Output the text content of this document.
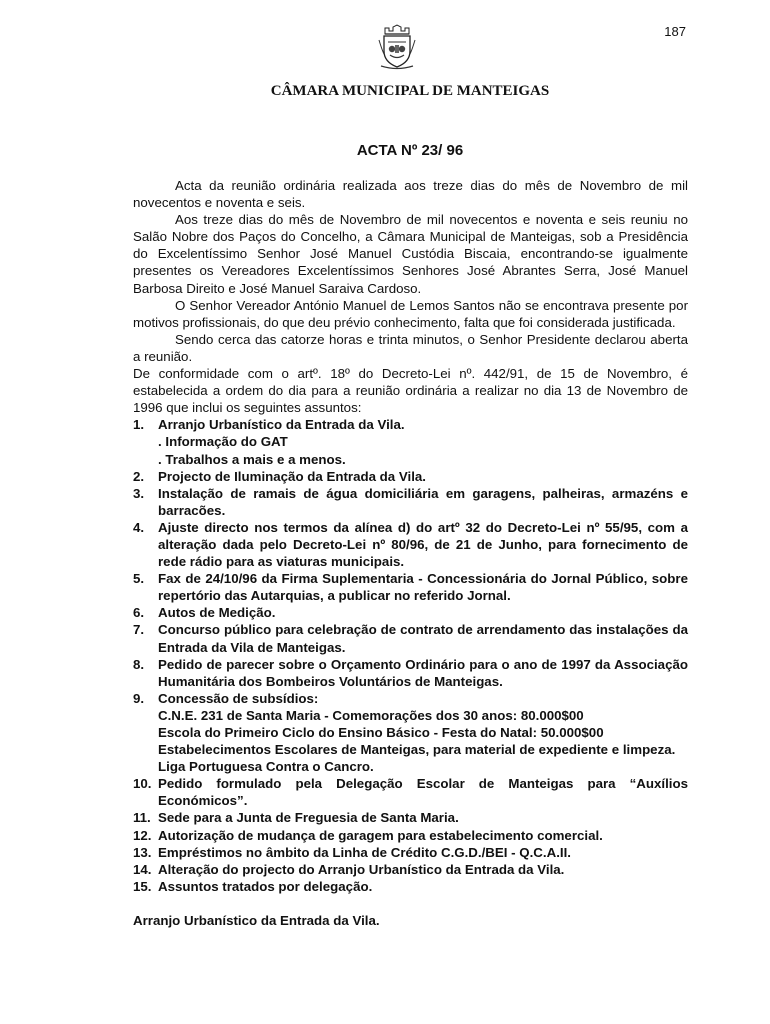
187
CÂMARA MUNICIPAL DE MANTEIGAS
ACTA Nº 23/ 96

Acta da reunião ordinária realizada aos treze dias do mês de Novembro de mil novecentos e noventa e seis.

Aos treze dias do mês de Novembro de mil novecentos e noventa e seis reuniu no Salão Nobre dos Paços do Concelho, a Câmara Municipal de Manteigas, sob a Presidência do Excelentíssimo Senhor José Manuel Custódia Biscaia, encontrando-se igualmente presentes os Vereadores Excelentíssimos Senhores José Abrantes Serra, José Manuel Barbosa Direito e José Manuel Saraiva Cardoso.

O Senhor Vereador António Manuel de Lemos Santos não se encontrava presente por motivos profissionais, do que deu prévio conhecimento, falta que foi considerada justificada.

Sendo cerca das catorze horas e trinta minutos, o Senhor Presidente declarou aberta a reunião.

De conformidade com o artº. 18º do Decreto-Lei nº. 442/91, de 15 de Novembro, é estabelecida a ordem do dia para a reunião ordinária a realizar no dia 13 de Novembro de 1996 que inclui os seguintes assuntos:

1. Arranjo Urbanístico da Entrada da Vila.
. Informação do GAT
. Trabalhos a mais e a menos.
2. Projecto de Iluminação da Entrada da Vila.
3. Instalação de ramais de água domiciliária em garagens, palheiras, armazéns e barracões.
4. Ajuste directo nos termos da alínea d) do artº 32 do Decreto-Lei nº 55/95, com a alteração dada pelo Decreto-Lei nº 80/96, de 21 de Junho, para fornecimento de rede rádio para as viaturas municipais.
5. Fax de 24/10/96 da Firma Suplementaria - Concessionária do Jornal Público, sobre repertório das Autarquias, a publicar no referido Jornal.
6. Autos de Medição.
7. Concurso público para celebração de contrato de arrendamento das instalações da Entrada da Vila de Manteigas.
8. Pedido de parecer sobre o Orçamento Ordinário para o ano de 1997 da Associação Humanitária dos Bombeiros Voluntários de Manteigas.
9. Concessão de subsídios:
C.N.E. 231 de Santa Maria - Comemorações dos 30 anos: 80.000$00
Escola do Primeiro Ciclo do Ensino Básico - Festa do Natal: 50.000$00
Estabelecimentos Escolares de Manteigas, para material de expediente e limpeza.
Liga Portuguesa Contra o Cancro.
10. Pedido formulado pela Delegação Escolar de Manteigas para “Auxílios Económicos”.
11. Sede para a Junta de Freguesia de Santa Maria.
12. Autorização de mudança de garagem para estabelecimento comercial.
13. Empréstimos no âmbito da Linha de Crédito C.G.D./BEI - Q.C.A.II.
14. Alteração do projecto do Arranjo Urbanístico da Entrada da Vila.
15. Assuntos tratados por delegação.

Arranjo Urbanístico da Entrada da Vila.
